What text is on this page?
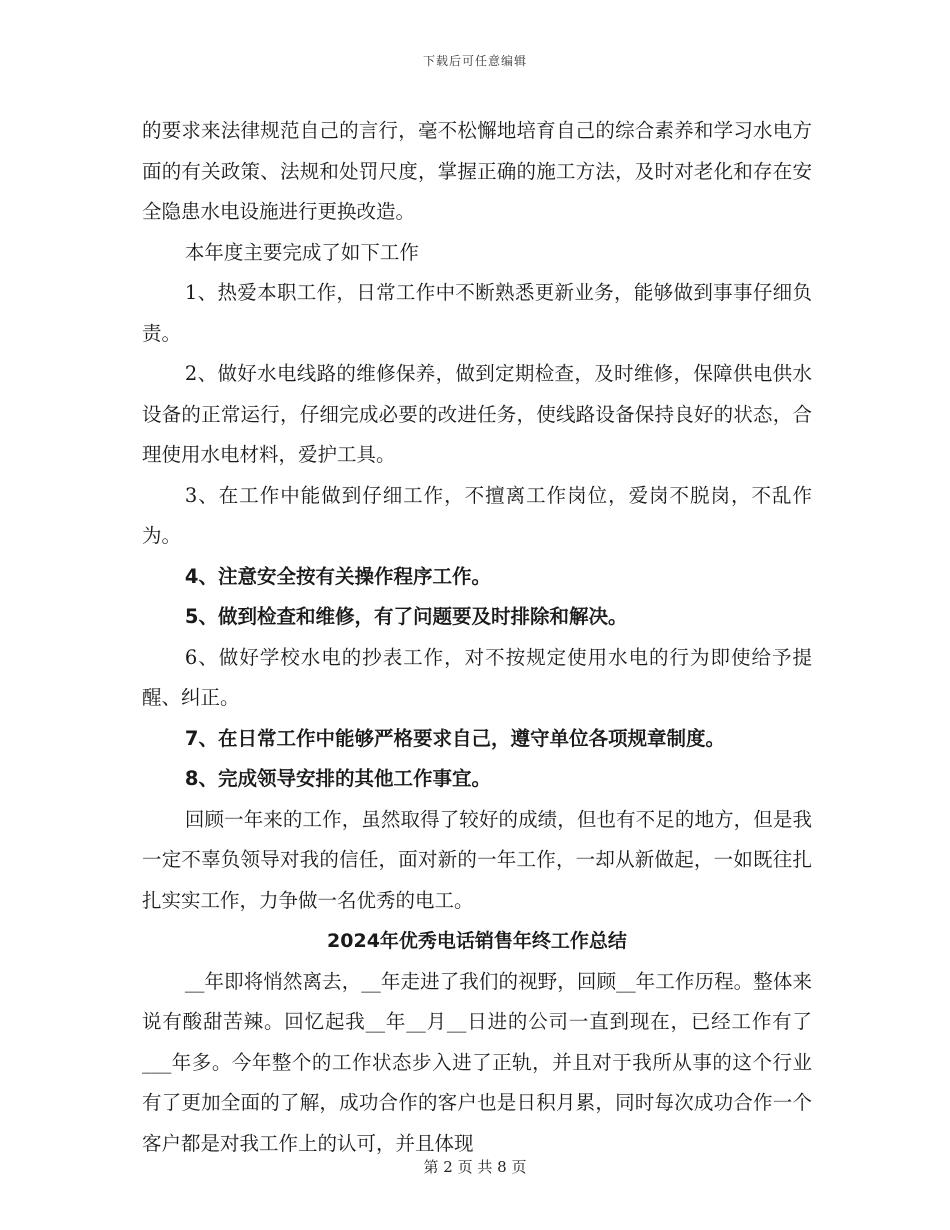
下载后可任意编辑

的要求来法律规范自己的言行，毫不松懈地培育自己的综合素养和学习水电方面的有关政策、法规和处罚尺度，掌握正确的施工方法，及时对老化和存在安全隐患水电设施进行更换改造。

本年度主要完成了如下工作

1、热爱本职工作，日常工作中不断熟悉更新业务，能够做到事事仔细负责。

2、做好水电线路的维修保养，做到定期检查，及时维修，保障供电供水设备的正常运行，仔细完成必要的改进任务，使线路设备保持良好的状态，合理使用水电材料，爱护工具。

3、在工作中能做到仔细工作，不擅离工作岗位，爱岗不脱岗，不乱作为。

4、注意安全按有关操作程序工作。

5、做到检查和维修，有了问题要及时排除和解决。

6、做好学校水电的抄表工作，对不按规定使用水电的行为即使给予提醒、纠正。

7、在日常工作中能够严格要求自己，遵守单位各项规章制度。

8、完成领导安排的其他工作事宜。

回顾一年来的工作，虽然取得了较好的成绩，但也有不足的地方，但是我一定不辜负领导对我的信任，面对新的一年工作，一却从新做起，一如既往扎扎实实工作，力争做一名优秀的电工。

2024年优秀电话销售年终工作总结

__年即将悄然离去，__年走进了我们的视野，回顾__年工作历程。整体来说有酸甜苦辣。回忆起我__年__月__日进的公司一直到现在，已经工作有了___年多。今年整个的工作状态步入进了正轨，并且对于我所从事的这个行业有了更加全面的了解，成功合作的客户也是日积月累，同时每次成功合作一个客户都是对我工作上的认可，并且体现

第 2 页 共 8 页
